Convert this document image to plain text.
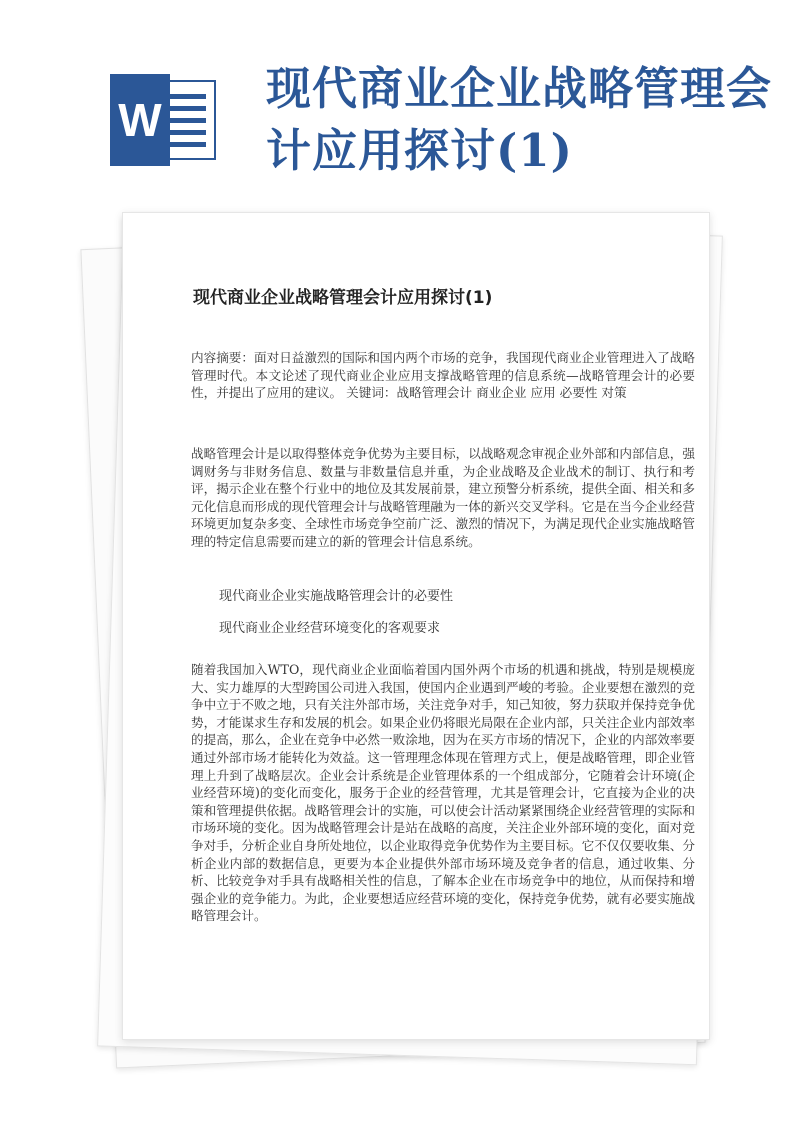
W
现代商业企业战略管理会计应用探讨(1)
现代商业企业战略管理会计应用探讨(1)
内容摘要：面对日益激烈的国际和国内两个市场的竞争，我国现代商业企业管理进入了战略管理时代。本文论述了现代商业企业应用支撑战略管理的信息系统—战略管理会计的必要性，并提出了应用的建议。 关键词：战略管理会计 商业企业 应用 必要性 对策
战略管理会计是以取得整体竞争优势为主要目标，以战略观念审视企业外部和内部信息，强调财务与非财务信息、数量与非数量信息并重，为企业战略及企业战术的制订、执行和考评，揭示企业在整个行业中的地位及其发展前景，建立预警分析系统，提供全面、相关和多元化信息而形成的现代管理会计与战略管理融为一体的新兴交叉学科。它是在当今企业经营环境更加复杂多变、全球性市场竞争空前广泛、激烈的情况下，为满足现代企业实施战略管理的特定信息需要而建立的新的管理会计信息系统。
现代商业企业实施战略管理会计的必要性
现代商业企业经营环境变化的客观要求
随着我国加入WTO，现代商业企业面临着国内国外两个市场的机遇和挑战，特别是规模庞大、实力雄厚的大型跨国公司进入我国，使国内企业遇到严峻的考验。企业要想在激烈的竞争中立于不败之地，只有关注外部市场，关注竞争对手，知己知彼，努力获取并保持竞争优势，才能谋求生存和发展的机会。如果企业仍将眼光局限在企业内部，只关注企业内部效率的提高，那么，企业在竞争中必然一败涂地，因为在买方市场的情况下，企业的内部效率要通过外部市场才能转化为效益。这一管理理念体现在管理方式上，便是战略管理，即企业管理上升到了战略层次。企业会计系统是企业管理体系的一个组成部分，它随着会计环境(企业经营环境)的变化而变化，服务于企业的经营管理，尤其是管理会计，它直接为企业的决策和管理提供依据。战略管理会计的实施，可以使会计活动紧紧围绕企业经营管理的实际和市场环境的变化。因为战略管理会计是站在战略的高度，关注企业外部环境的变化，面对竞争对手，分析企业自身所处地位，以企业取得竞争优势作为主要目标。它不仅仅要收集、分析企业内部的数据信息，更要为本企业提供外部市场环境及竞争者的信息，通过收集、分析、比较竞争对手具有战略相关性的信息，了解本企业在市场竞争中的地位，从而保持和增强企业的竞争能力。为此，企业要想适应经营环境的变化，保持竞争优势，就有必要实施战略管理会计。
